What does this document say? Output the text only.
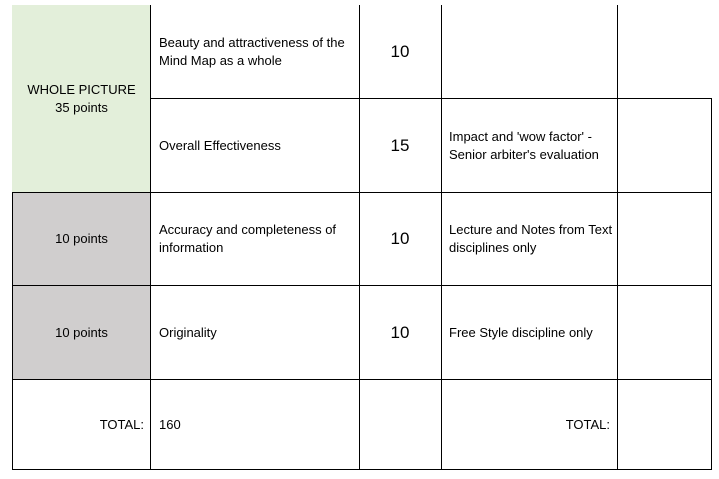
WHOLE PICTURE
35 points
10 points
10 points
TOTAL:
Beauty and attractiveness of the Mind Map as a whole
Overall Effectiveness
Accuracy and completeness of information
Originality
160
10
15
10
10
Impact and 'wow factor' - Senior arbiter's evaluation
Lecture and Notes from Text disciplines only
Free Style discipline only
TOTAL:
